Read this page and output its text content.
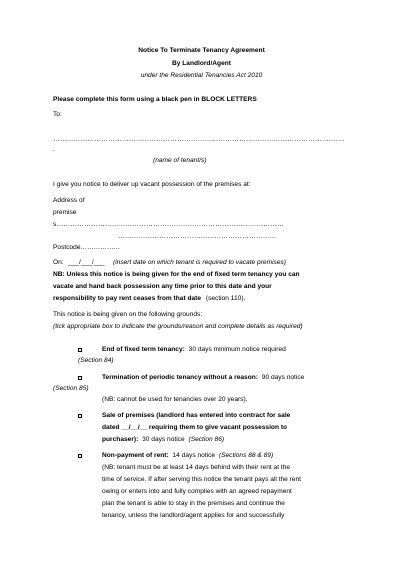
Notice To Terminate Tenancy Agreement
By Landlord/Agent
under the Residential Tenancies Act 2010
Please complete this form using a black pen in BLOCK LETTERS
To:
……………………………………………………………………………………………………………….
.
(name of tenant/s)
I give you notice to deliver up vacant possession of the premises at:
Address of
premise
s………………………………………………………………………………………
……………………………………………………………
Postcode………………
On: ___/___/___ (insert date on which tenant is required to vacate premises)
NB: Unless this notice is being given for the end of fixed term tenancy you can
vacate and hand back possession any time prior to this date and your
responsibility to pay rent ceases from that date (section 110).
This notice is being given on the following grounds:
(tick appropriate box to indicate the grounds/reason and complete details as required)
End of fixed term tenancy: 30 days minimum notice required
(Section 84)
Termination of periodic tenancy without a reason: 90 days notice
(Section 85)
(NB: cannot be used for tenancies over 20 years).
Sale of premises (landlord has entered into contract for sale
dated __/__/__ requiring them to give vacant possession to
purchaser): 30 days notice (Section 86)
Non-payment of rent: 14 days notice (Sections 88 & 89)
(NB: tenant must be at least 14 days behind with their rent at the
time of service. If after serving this notice the tenant pays all the rent
owing or enters into and fully complies with an agreed repayment
plan the tenant is able to stay in the premises and continue the
tenancy, unless the landlord/agent applies for and successfully
